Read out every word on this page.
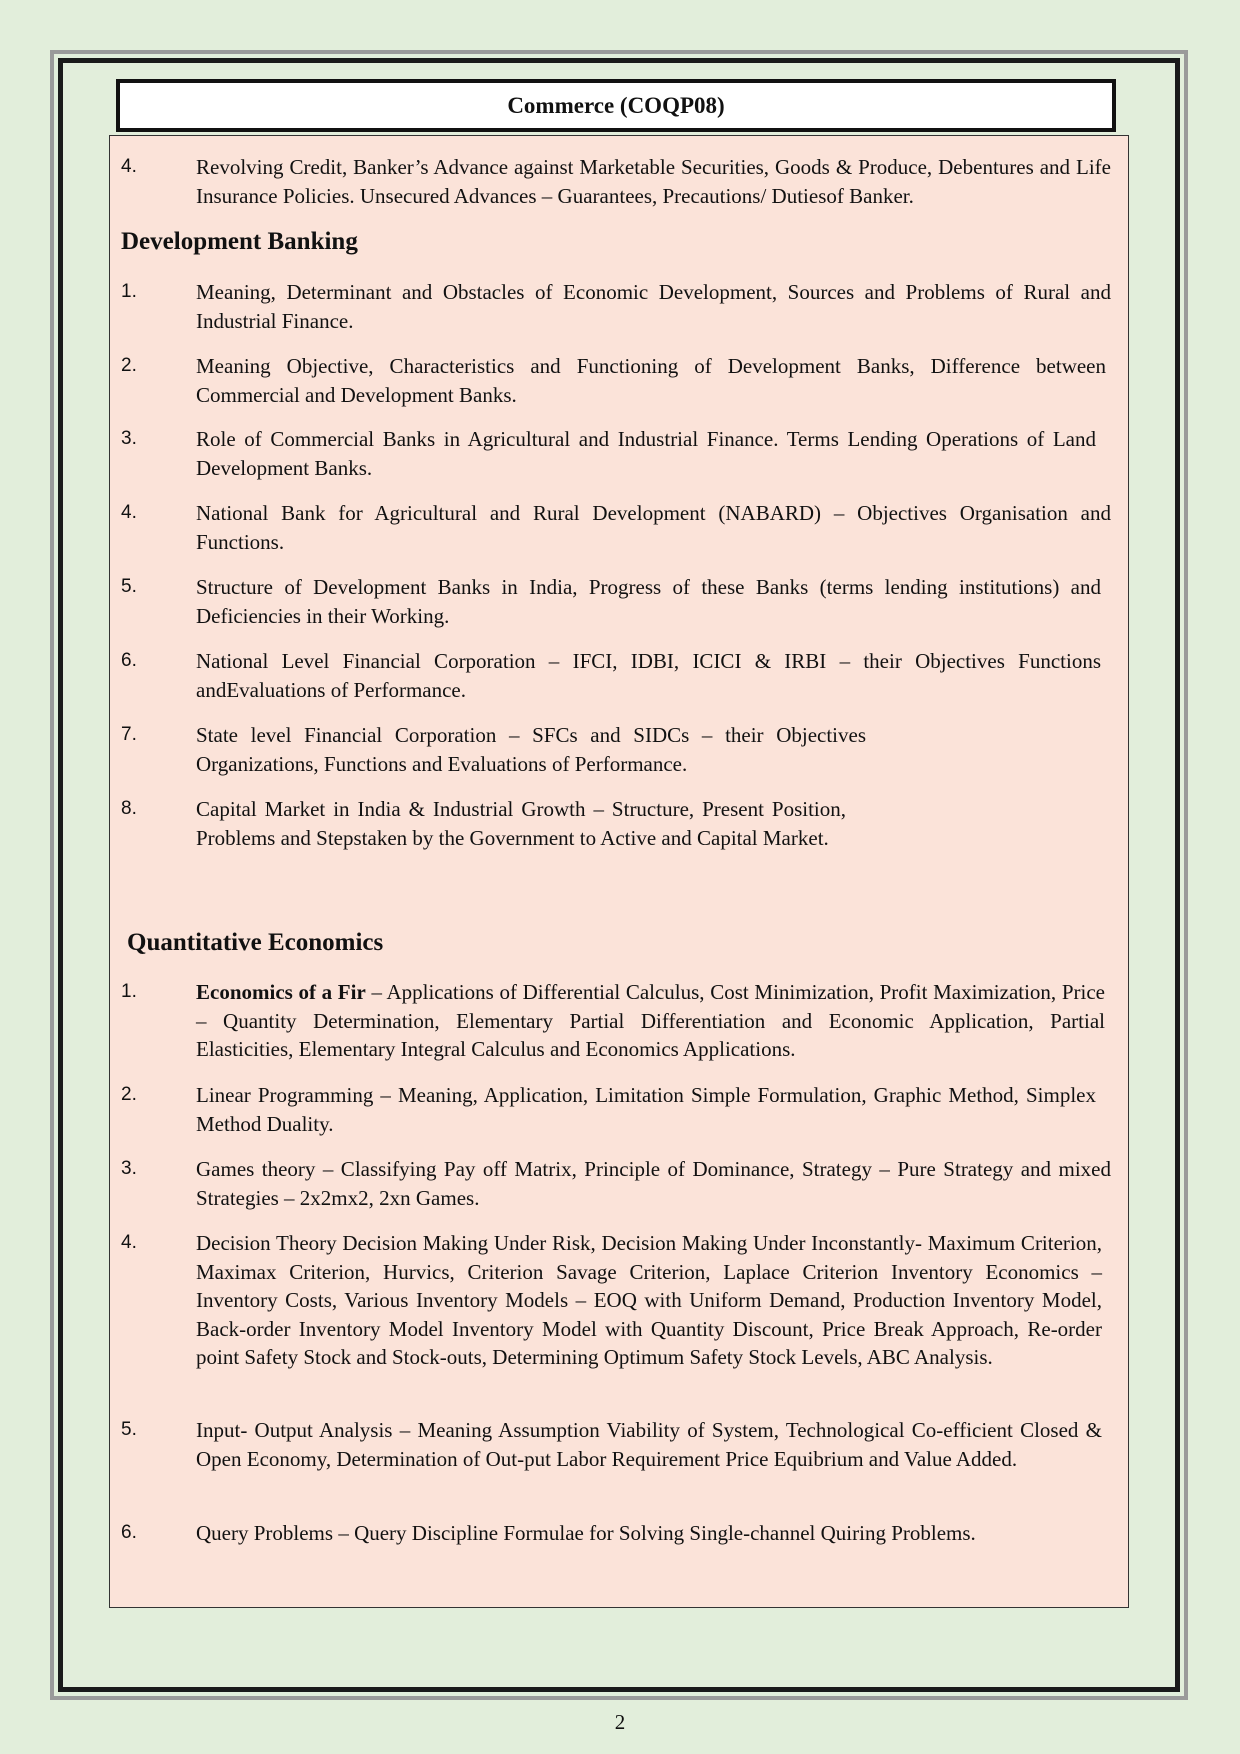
Commerce (COQP08)
4.	Revolving Credit, Banker’s Advance against Marketable Securities, Goods & Produce, Debentures and Life Insurance Policies. Unsecured Advances – Guarantees, Precautions/ Dutiesof Banker.
Development Banking
1.	Meaning, Determinant and Obstacles of Economic Development, Sources and Problems of Rural and Industrial Finance.
2.	Meaning Objective, Characteristics and Functioning of Development Banks, Difference between Commercial and Development Banks.
3.	Role of Commercial Banks in Agricultural and Industrial Finance. Terms Lending Operations of Land Development Banks.
4.	National Bank for Agricultural and Rural Development (NABARD) – Objectives Organisation and Functions.
5.	Structure of Development Banks in India, Progress of these Banks (terms lending institutions) and Deficiencies in their Working.
6.	National Level Financial Corporation – IFCI, IDBI, ICICI & IRBI – their Objectives Functions andEvaluations of Performance.
7.	State level Financial Corporation – SFCs and SIDCs – their Objectives Organizations, Functions and Evaluations of Performance.
8.	Capital Market in India & Industrial Growth – Structure, Present Position, Problems and Stepstaken by the Government to Active and Capital Market.
Quantitative Economics
1.	Economics of a Fir – Applications of Differential Calculus, Cost Minimization, Profit Maximization, Price – Quantity Determination, Elementary Partial Differentiation and Economic Application, Partial Elasticities, Elementary Integral Calculus and Economics Applications.
2.	Linear Programming – Meaning, Application, Limitation Simple Formulation, Graphic Method, Simplex Method Duality.
3.	Games theory – Classifying Pay off Matrix, Principle of Dominance, Strategy – Pure Strategy and mixed Strategies – 2x2mx2, 2xn Games.
4.	Decision Theory Decision Making Under Risk, Decision Making Under Inconstantly- Maximum Criterion, Maximax Criterion, Hurvics, Criterion Savage Criterion, Laplace Criterion Inventory Economics – Inventory Costs, Various Inventory Models – EOQ with Uniform Demand, Production Inventory Model, Back-order Inventory Model Inventory Model with Quantity Discount, Price Break Approach, Re-order point Safety Stock and Stock-outs, Determining Optimum Safety Stock Levels, ABC Analysis.
5.	Input- Output Analysis – Meaning Assumption Viability of System, Technological Co-efficient Closed & Open Economy, Determination of Out-put Labor Requirement Price Equibrium and Value Added.
6.	Query Problems – Query Discipline Formulae for Solving Single-channel Quiring Problems.
2
